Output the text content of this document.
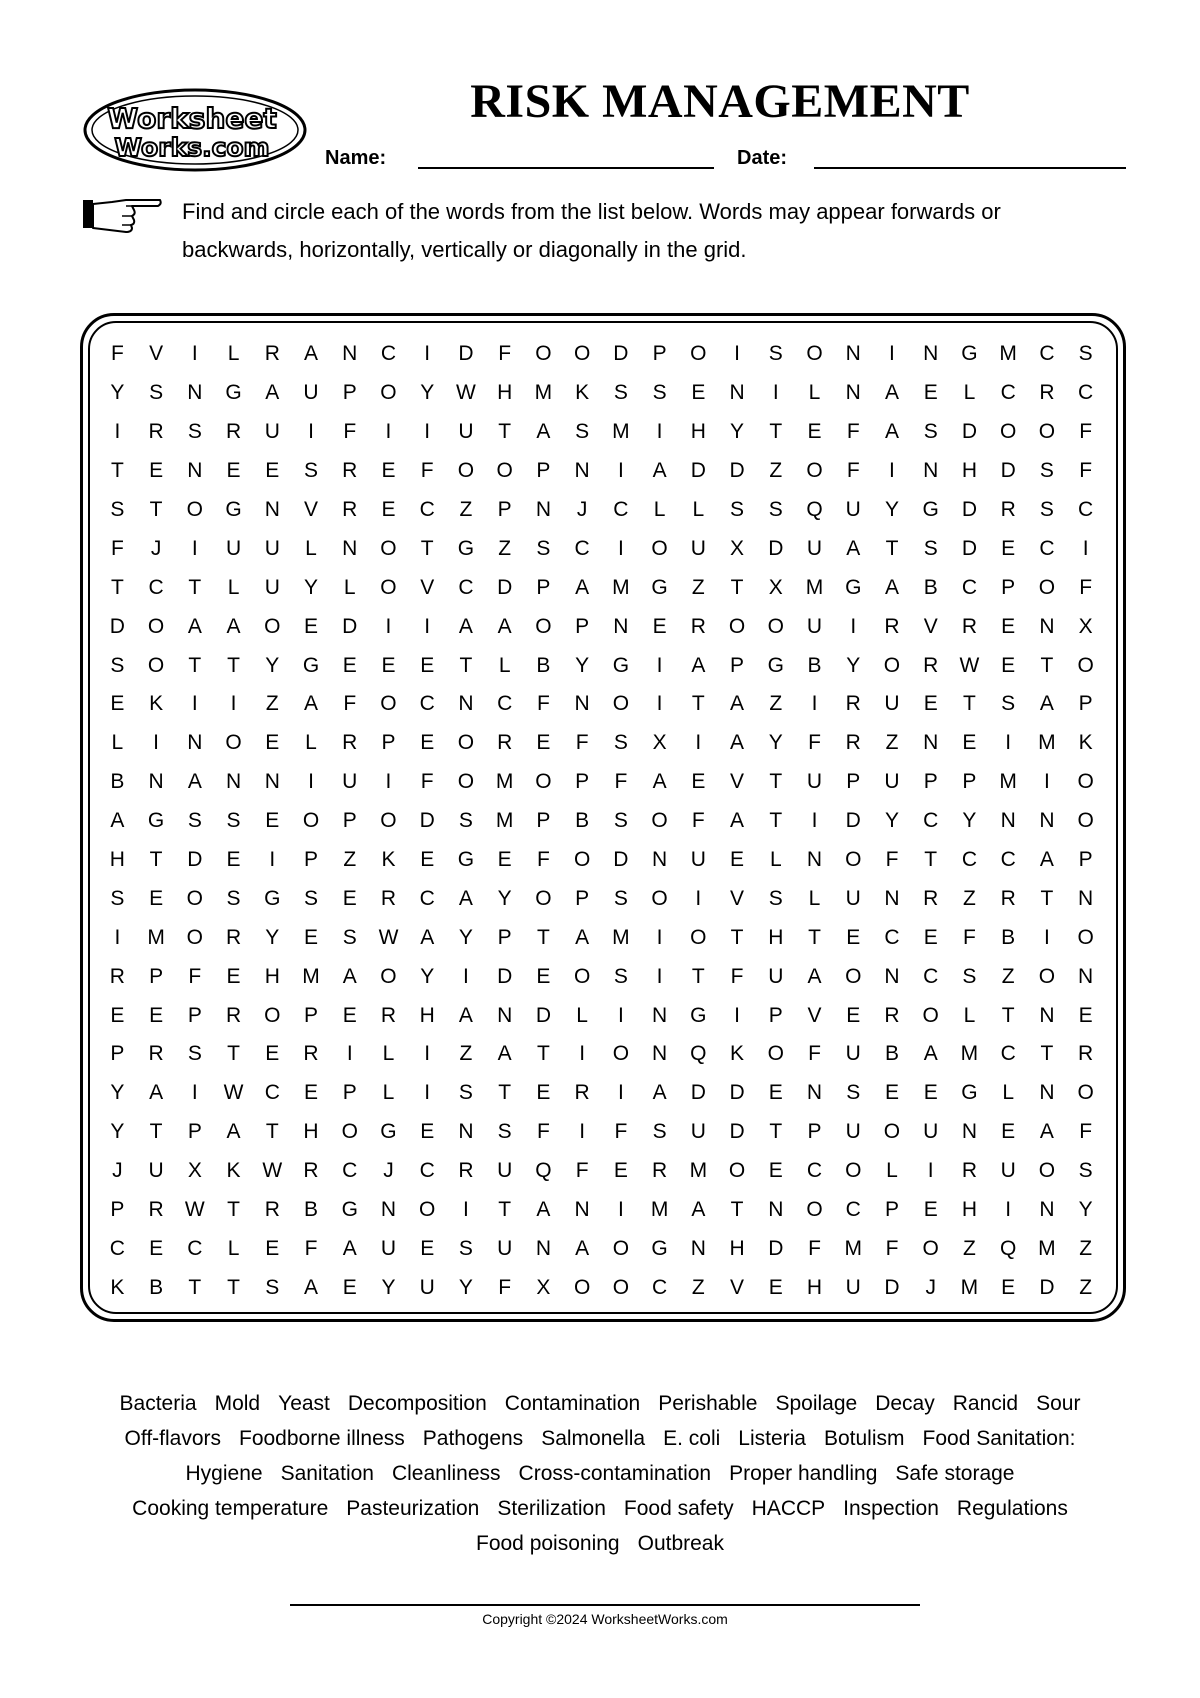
Worksheet
Works.com
RISK MANAGEMENT
Name:	Date:
Find and circle each of the words from the list below. Words may appear forwards or backwards, horizontally, vertically or diagonally in the grid.
F	V	I	L	R	A	N	C	I	D	F	O	O	D	P	O	I	S	O	N	I	N	G	M	C	S
Y	S	N	G	A	U	P	O	Y	W	H	M	K	S	S	E	N	I	L	N	A	E	L	C	R	C
I	R	S	R	U	I	F	I	I	U	T	A	S	M	I	H	Y	T	E	F	A	S	D	O	O	F
T	E	N	E	E	S	R	E	F	O	O	P	N	I	A	D	D	Z	O	F	I	N	H	D	S	F
S	T	O	G	N	V	R	E	C	Z	P	N	J	C	L	L	S	S	Q	U	Y	G	D	R	S	C
F	J	I	U	U	L	N	O	T	G	Z	S	C	I	O	U	X	D	U	A	T	S	D	E	C	I
T	C	T	L	U	Y	L	O	V	C	D	P	A	M	G	Z	T	X	M	G	A	B	C	P	O	F
D	O	A	A	O	E	D	I	I	A	A	O	P	N	E	R	O	O	U	I	R	V	R	E	N	X
S	O	T	T	Y	G	E	E	E	T	L	B	Y	G	I	A	P	G	B	Y	O	R	W	E	T	O
E	K	I	I	Z	A	F	O	C	N	C	F	N	O	I	T	A	Z	I	R	U	E	T	S	A	P
L	I	N	O	E	L	R	P	E	O	R	E	F	S	X	I	A	Y	F	R	Z	N	E	I	M	K
B	N	A	N	N	I	U	I	F	O	M	O	P	F	A	E	V	T	U	P	U	P	P	M	I	O
A	G	S	S	E	O	P	O	D	S	M	P	B	S	O	F	A	T	I	D	Y	C	Y	N	N	O
H	T	D	E	I	P	Z	K	E	G	E	F	O	D	N	U	E	L	N	O	F	T	C	C	A	P
S	E	O	S	G	S	E	R	C	A	Y	O	P	S	O	I	V	S	L	U	N	R	Z	R	T	N
I	M	O	R	Y	E	S	W	A	Y	P	T	A	M	I	O	T	H	T	E	C	E	F	B	I	O
R	P	F	E	H	M	A	O	Y	I	D	E	O	S	I	T	F	U	A	O	N	C	S	Z	O	N
E	E	P	R	O	P	E	R	H	A	N	D	L	I	N	G	I	P	V	E	R	O	L	T	N	E
P	R	S	T	E	R	I	L	I	Z	A	T	I	O	N	Q	K	O	F	U	B	A	M	C	T	R
Y	A	I	W	C	E	P	L	I	S	T	E	R	I	A	D	D	E	N	S	E	E	G	L	N	O
Y	T	P	A	T	H	O	G	E	N	S	F	I	F	S	U	D	T	P	U	O	U	N	E	A	F
J	U	X	K	W	R	C	J	C	R	U	Q	F	E	R	M	O	E	C	O	L	I	R	U	O	S
P	R	W	T	R	B	G	N	O	I	T	A	N	I	M	A	T	N	O	C	P	E	H	I	N	Y
C	E	C	L	E	F	A	U	E	S	U	N	A	O	G	N	H	D	F	M	F	O	Z	Q	M	Z
K	B	T	T	S	A	E	Y	U	Y	F	X	O	O	C	Z	V	E	H	U	D	J	M	E	D	Z
Bacteria Mold Yeast Decomposition Contamination Perishable Spoilage Decay Rancid SourOff-flavors Foodborne illness Pathogens Salmonella E. coli Listeria Botulism Food Sanitation:Hygiene Sanitation Cleanliness Cross-contamination Proper handling Safe storageCooking temperature Pasteurization Sterilization Food safety HACCP Inspection RegulationsFood poisoning Outbreak
Copyright ©2024 WorksheetWorks.com
